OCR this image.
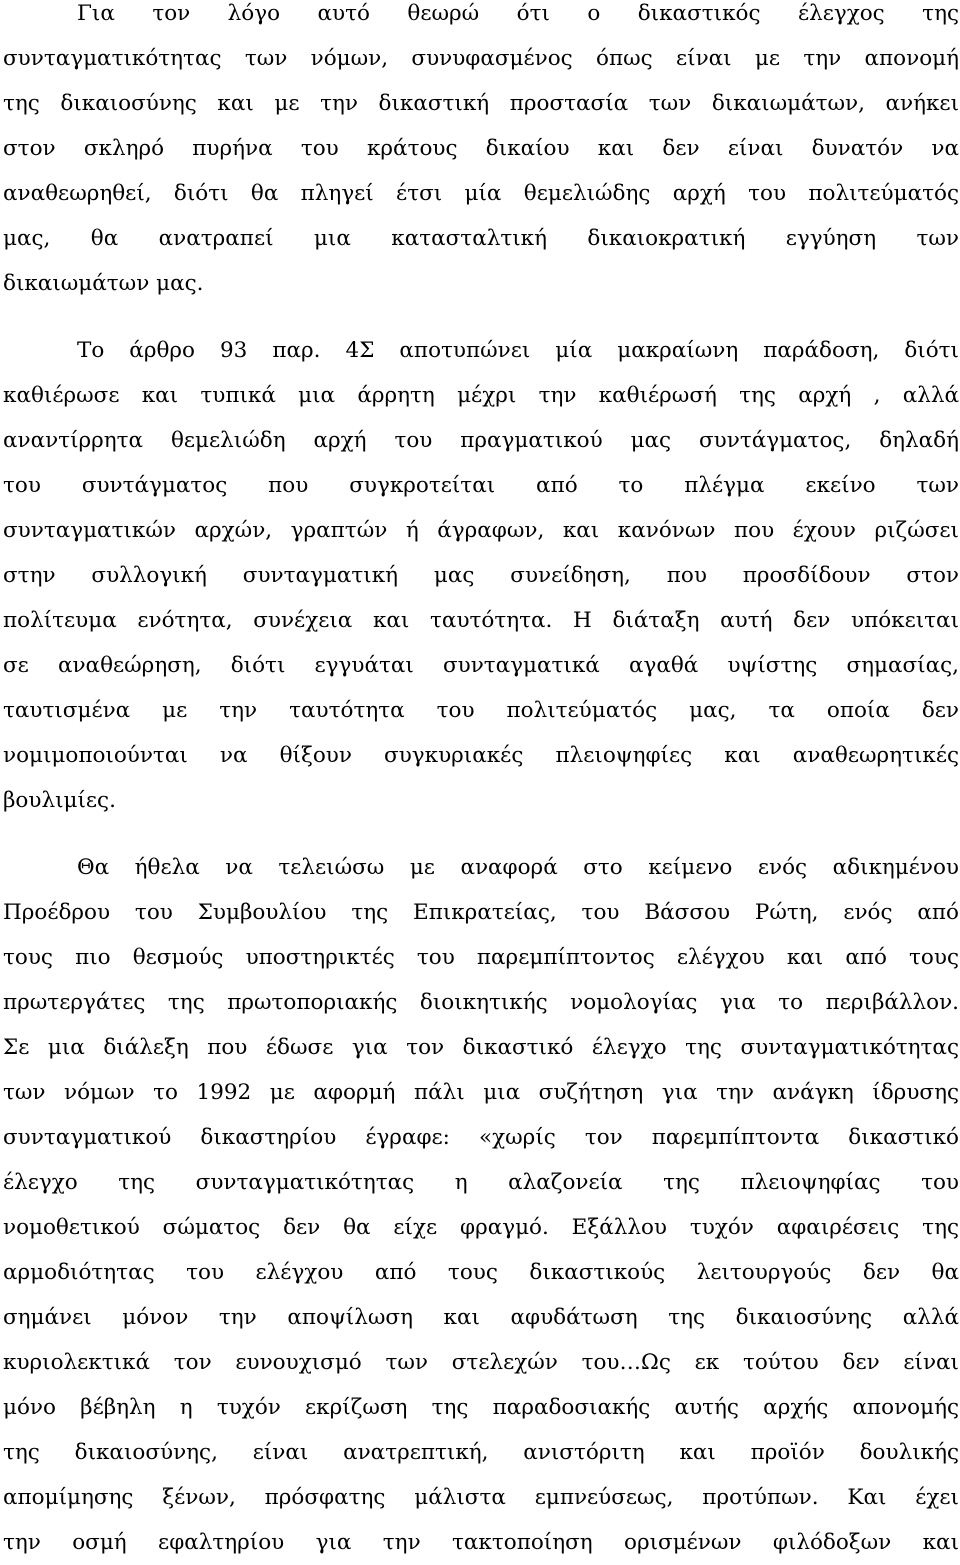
Για τον λόγο αυτό θεωρώ ότι ο δικαστικός έλεγχος της
συνταγματικότητας των νόμων, συνυφασμένος όπως είναι με την απονομή
της δικαιοσύνης και με την δικαστική προστασία των δικαιωμάτων, ανήκει
στον σκληρό πυρήνα του κράτους δικαίου και δεν είναι δυνατόν να
αναθεωρηθεί, διότι θα πληγεί έτσι μία θεμελιώδης αρχή του πολιτεύματός
μας, θα ανατραπεί μια κατασταλτική δικαιοκρατική εγγύηση των
δικαιωμάτων μας.
Το άρθρο 93 παρ. 4Σ αποτυπώνει μία μακραίωνη παράδοση, διότι
καθιέρωσε και τυπικά μια άρρητη μέχρι την καθιέρωσή της αρχή , αλλά
αναντίρρητα θεμελιώδη αρχή του πραγματικού μας συντάγματος, δηλαδή
του συντάγματος που συγκροτείται από το πλέγμα εκείνο των
συνταγματικών αρχών, γραπτών ή άγραφων, και κανόνων που έχουν ριζώσει
στην συλλογική συνταγματική μας συνείδηση, που προσδίδουν στον
πολίτευμα ενότητα, συνέχεια και ταυτότητα. Η διάταξη αυτή δεν υπόκειται
σε αναθεώρηση, διότι εγγυάται συνταγματικά αγαθά υψίστης σημασίας,
ταυτισμένα με την ταυτότητα του πολιτεύματός μας, τα οποία δεν
νομιμοποιούνται να θίξουν συγκυριακές πλειοψηφίες και αναθεωρητικές
βουλιμίες.
Θα ήθελα να τελειώσω με αναφορά στο κείμενο ενός αδικημένου
Προέδρου του Συμβουλίου της Επικρατείας, του Βάσσου Ρώτη, ενός από
τους πιο θεσμούς υποστηρικτές του παρεμπίπτοντος ελέγχου και από τους
πρωτεργάτες της πρωτοποριακής διοικητικής νομολογίας για το περιβάλλον.
Σε μια διάλεξη που έδωσε για τον δικαστικό έλεγχο της συνταγματικότητας
των νόμων το 1992 με αφορμή πάλι μια συζήτηση για την ανάγκη ίδρυσης
συνταγματικού δικαστηρίου έγραφε: «χωρίς τον παρεμπίπτοντα δικαστικό
έλεγχο της συνταγματικότητας η αλαζονεία της πλειοψηφίας του
νομοθετικού σώματος δεν θα είχε φραγμό. Εξάλλου τυχόν αφαιρέσεις της
αρμοδιότητας του ελέγχου από τους δικαστικούς λειτουργούς δεν θα
σημάνει μόνον την αποψίλωση και αφυδάτωση της δικαιοσύνης αλλά
κυριολεκτικά τον ευνουχισμό των στελεχών του…Ως εκ τούτου δεν είναι
μόνο βέβηλη η τυχόν εκρίζωση της παραδοσιακής αυτής αρχής απονομής
της δικαιοσύνης, είναι ανατρεπτική, ανιστόριτη και προϊόν δουλικής
απομίμησης ξένων, πρόσφατης μάλιστα εμπνεύσεως, προτύπων. Και έχει
την οσμή εφαλτηρίου για την τακτοποίηση ορισμένων φιλόδοξων και
